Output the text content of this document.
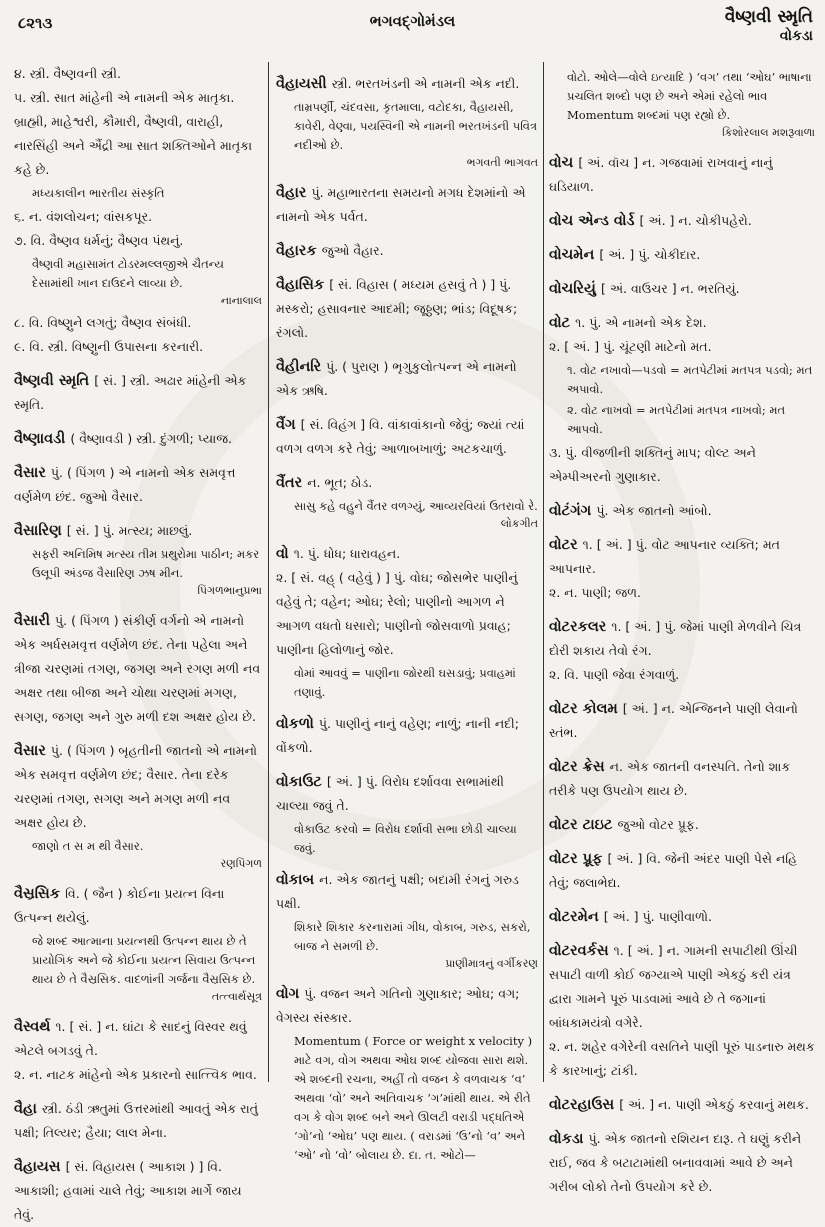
૮૨૧૩	ભગવદ્ગોમંડલ	વૈષ્ણવી સ્મૃતિ
વોકડા

૪. સ્ત્રી. વૈષ્ણવની સ્ત્રી.

૫. સ્ત્રી. સાત માંહેની એ નામની એક માતૃકા. બ્રાહ્મી, માહેશ્વરી, કૌમારી, વૈષ્ણવી, વારાહી, નારસિંહી અને ઐંદ્રી આ સાત શક્તિઓને માતૃકા કહે છે.

મધ્યકાલીન ભારતીય સંસ્કૃતિ

૬. ન. વંશલોચન; વાંસકપૂર.

૭. વિ. વૈષ્ણવ ધર્મનું; વૈષ્ણવ પંથનું.

વૈષ્ણવી મહાસામંત ટોડરમલ્લજીએ ચૈતન્ય દેસામાંથી ખાન દાઉદને લાવ્યા છે.
નાનાલાલ

૮. વિ. વિષ્ણુને લગતું; વૈષ્ણવ સંબંધી.

૯. વિ. સ્ત્રી. વિષ્ણુની ઉપાસના કરનારી.

વૈષ્ણવી સ્મૃતિ [ સં. ] સ્ત્રી. અઢાર માંહેની એક સ્મૃતિ.

વૈષ્ણાવડી ( વૈષ્ણાવડી ) સ્ત્રી. દુંગળી; પ્યાજ.

વૈસાર પું. ( પિંગળ ) એ નામનો એક સમવૃત્ત વર્ણમેળ છંદ. જુઓ વૈસાર.

વૈસારિણ [ સં. ] પું. મત્સ્ય; માછલું.

સફરી અનિમિષ મત્સ્ય તીમ પ્રથુરોમા પાઠીન; મકર ઉલૂપી અંડજ વૈસારિણ ઝષ મીન.
પિંગળભાનુપ્રભા

વૈસારી પું. ( પિંગળ ) સંકીર્ણ વર્ગનો એ નામનો એક અર્ધસમવૃત્ત વર્ણમેળ છંદ. તેના પહેલા અને ત્રીજા ચરણમાં તગણ, જગણ અને રગણ મળી નવ અક્ષર તથા બીજા અને ચોથા ચરણમાં મગણ, સગણ, જગણ અને ગુરુ મળી દશ અક્ષર હોય છે.

વૈસાર પું. ( પિંગળ ) બૃહતીની જાતનો એ નામનો એક સમવૃત્ત વર્ણમેળ છંદ; વૈસાર. તેના દરેક ચરણમાં તગણ, સગણ અને મગણ મળી નવ અક્ષર હોય છે.

જાણો ત સ મ થી વૈસાર.
રણપિંગળ

વૈસ્રસિક વિ. ( જૈન ) કોઈના પ્રયત્ન વિના ઉત્પન્ન થયેલું.

જે શબ્દ આત્માના પ્રયત્નથી ઉત્પન્ન થાય છે તે પ્રાયોગિક અને જે કોઈના પ્રયત્ન સિવાય ઉત્પન્ન થાય છે તે વૈસ્રસિક. વાદળાંની ગર્જના વૈસ્રસિક છે.
તત્ત્વાર્થસૂત્ર

વૈસ્વર્થ ૧. [ સં. ] ન. ઘાંટા કે સાદનું વિસ્વર થવું એટલે બગડવું તે.

૨. ન. નાટક માંહેનો એક પ્રકારનો સાત્ત્વિક ભાવ.

વૈહા સ્ત્રી. ઠંડી ઋતુમાં ઉત્તરમાંથી આવતું એક રાતું પક્ષી; તિલ્યર; હૈયા; લાલ મેના.

વૈહાયસ [ સં. વિહાયસ ( આકાશ ) ] વિ. આકાશી; હવામાં ચાલે તેવું; આકાશ માર્ગે જાય તેવું.

વૈહાયસી સ્ત્રી. ભરતખંડની એ નામની એક નદી.

તામ્રપર્ણી, ચંદવસા, કૃતમાલા, વટોદકા, વૈહાયસી, કાવેરી, વેણ્વા, પયસ્વિની એ નામની ભરતખંડની પવિત્ર નદીઓ છે.
ભગવતી ભાગવત

વૈહાર પું. મહાભારતના સમયનો મગધ દેશમાંનો એ નામનો એક પર્વત.

વૈહારક જુઓ વૈહાર.

વૈહાસિક [ સં. વિહાસ ( મધ્યમ હસવું તે ) ] પું. મસ્કરો; હસાવનાર આદમી; જૂઠ્ઠણ; ભાંડ; વિદૂષક; રંગલો.

વૈહીનરિ પું. ( પુરાણ ) ભૃગુકુલોત્પન્ન એ નામનો એક ઋષિ.

વૈંગ [ સં. વિહંગ ] વિ. વાંકાવાંકાનો જેવું; જ્યાં ત્યાં વળગ વળગ કરે તેવું; આળાબખાળું; અટકચાળું.

વૈંતર ન. ભૂત; ઠોડ.

સાસુ કહે વહુને વૈંતર વળગ્યું, આવ્યરવિયાં ઉતરાવો રે.
લોકગીત

વો ૧. પું. ધોધ; ધારાવહન.

૨. [ સં. વહ્ ( વહેવું ) ] પું. વોઘ; જોસભેર પાણીનું વહેવું તે; વહેન; ઓઘ; રેલો; પાણીનો આગળ ને આગળ વધતો ધસારો; પાણીનો જોસવાળો પ્રવાહ; પાણીના હિલોળાનું જોર.

વોમાં આવવું = પાણીના જોરથી ઘસડાવું; પ્રવાહમાં તણાવું.

વોકળો પું. પાણીનું નાનું વહેણ; નાળું; નાની નદી; વોંકળો.

વોકાઉટ [ અં. ] પું. વિરોધ દર્શાવવા સભામાંથી ચાલ્યા જવું તે.

વોકાઉટ કરવો = વિરોધ દર્શાવી સભા છોડી ચાલ્યા જવું.

વોકાબ ન. એક જાતનું પક્ષી; બદામી રંગનું ગરુડ પક્ષી.

શિકારે શિકાર કરનારામાં ગીધ, વોકાબ, ગરુડ, સકરો, બાજ ને સમળી છે.
પ્રાણીમાત્રનું વર્ગીકરણ

વોગ પું. વજન અને ગતિનો ગુણાકાર; ઓઘ; વગ; વેગસ્ય સંસ્કાર.

Momentum ( Force or weight x velocity ) માટે વગ, વોગ અથવા ઓઘ શબ્દ યોજવા સારા થશે. એ શબ્દની રચના, અહીં તો વજન કે વળવાચક ‘વ’ અથવા ‘વો’ અને અતિવાચક ‘ગ’માંથી થાય. એ રીતે વગ કે વોગ શબ્દ બને અને ઊલટી વરાડી પદ્ધતિએ ‘ગો’નો ‘ઓઘ’ પણ થાય. ( વરાડમાં ‘ઉ’નો ‘વ’ અને ‘ઓ’ નો ‘વો’ બોલાય છે. દા. ત. ઓટો—
વોટો. ઓલે—વોલે ઇત્યાદિ ) ‘વગ’ તથા ‘ઓઘ’ ભાષાના પ્રચલિત શબ્દો પણ છે અને એમાં રહેલો ભાવ Momentum શબ્દમાં પણ રહ્યો છે.
કિશોરલાલ મશરૂવાળા

વોચ [ અં. વૉચ ] ન. ગજવામાં રાખવાનું નાનું ઘડિયાળ.

વોચ એન્ડ વોર્ડ [ અં. ] ન. ચોકીપહેરો.

વોચમેન [ અં. ] પું. ચોકીદાર.

વોચરિયું [ અં. વાઉચર ] ન. ભરતિયું.

વોટ ૧. પું. એ નામનો એક દેશ.

૨. [ અં. ] પું. ચૂંટણી માટેનો મત.

૧. વોટ નખાવો—પડવો = મતપેટીમાં મતપત્ર પડવો; મત અપાવો.
૨. વોટ નાખવો = મતપેટીમાં મતપત્ર નાખવો; મત આપવો.

૩. પું. વીજળીની શક્તિનું માપ; વોલ્ટ અને એમ્પીઅરનો ગુણાકાર.

વોટંગંગ પું. એક જાતનો આંબો.

વોટર ૧. [ અં. ] પું. વોટ આપનાર વ્યક્તિ; મત આપનાર.

૨. ન. પાણી; જળ.

વોટરકલર ૧. [ અં. ] પું. જેમાં પાણી મેળવીને ચિત્ર દોરી શકાય તેવો રંગ.

૨. વિ. પાણી જેવા રંગવાળું.

વોટર કોલમ [ અં. ] ન. એન્જિનને પાણી લેવાનો સ્તંભ.

વોટર ક્રેસ ન. એક જાતની વનસ્પતિ. તેનો શાક તરીકે પણ ઉપયોગ થાય છે.

વોટર ટાઇટ જુઓ વોટર પ્રૂફ.

વોટર પ્રૂફ [ અં. ] વિ. જેની અંદર પાણી પેસે નહિ તેવું; જલાભેદ્ય.

વોટરમેન [ અં. ] પું. પાણીવાળો.

વોટરવર્કસ ૧. [ અં. ] ન. ગામની સપાટીથી ઊંચી સપાટી વાળી કોઈ જગ્યાએ પાણી એકઠું કરી યંત્ર દ્વારા ગામને પૂરું પાડવામાં આવે છે તે જગાનાં બાંધકામયંત્રો વગેરે.

૨. ન. શહેર વગેરેની વસતિને પાણી પૂરું પાડનારુ મથક કે કારખાનું; ટાંકી.

વોટરહાઉસ [ અં. ] ન. પાણી એકઠું કરવાનું મથક.

વોકડા પું. એક જાતનો રશિયન દારૂ. તે ઘણું કરીને રાઈ, જવ કે બટાટામાંથી બનાવવામાં આવે છે અને ગરીબ લોકો તેનો ઉપયોગ કરે છે.
